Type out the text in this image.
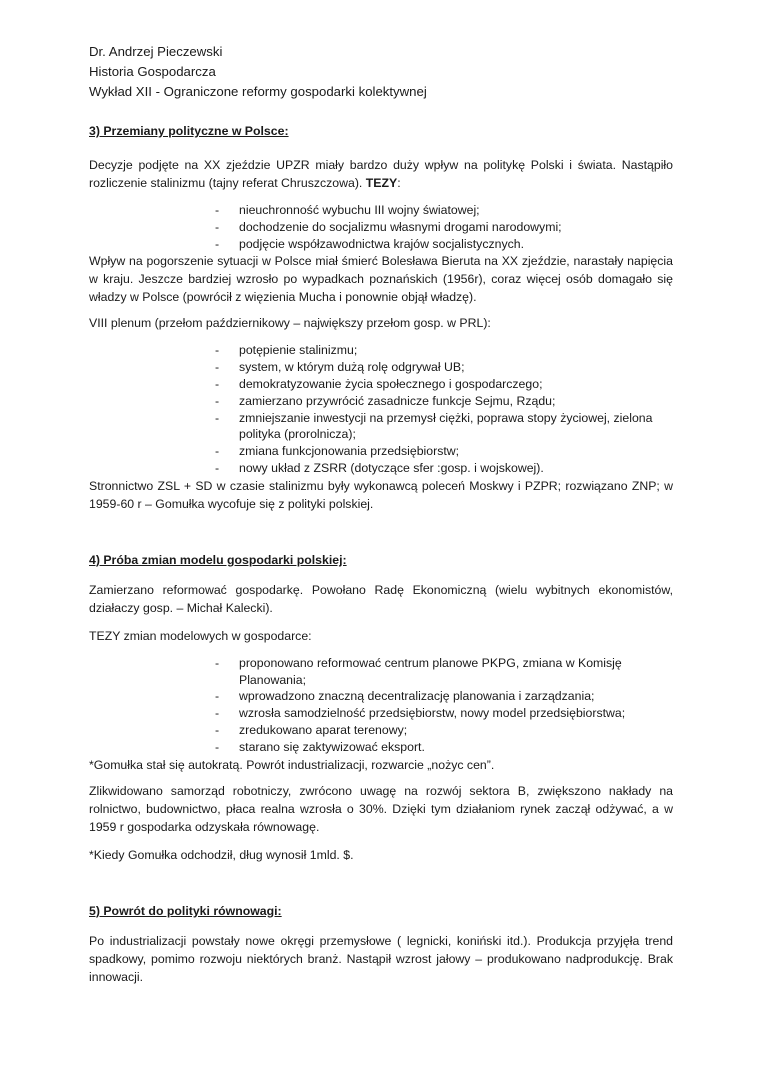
Dr. Andrzej Pieczewski

Historia Gospodarcza

Wykład XII - Ograniczone reformy gospodarki kolektywnej

3) Przemiany polityczne w Polsce:

Decyzje podjęte na XX zjeździe UPZR miały bardzo duży wpływ na politykę Polski i świata. Nastąpiło rozliczenie stalinizmu (tajny referat Chruszczowa). TEZY:

- nieuchronność wybuchu III wojny światowej;
- dochodzenie do socjalizmu własnymi drogami narodowymi;
- podjęcie współzawodnictwa krajów socjalistycznych.

Wpływ na pogorszenie sytuacji w Polsce miał śmierć Bolesława Bieruta na XX zjeździe, narastały napięcia w kraju. Jeszcze bardziej wzrosło po wypadkach poznańskich (1956r), coraz więcej osób domagało się władzy w Polsce (powrócił z więzienia Mucha i ponownie objął władzę).

VIII plenum (przełom październikowy – największy przełom gosp. w PRL):

- potępienie stalinizmu;
- system, w którym dużą rolę odgrywał UB;
- demokratyzowanie życia społecznego i gospodarczego;
- zamierzano przywrócić zasadnicze funkcje Sejmu, Rządu;
- zmniejszanie inwestycji na przemysł ciężki, poprawa stopy życiowej, zielona polityka (prorolnicza);
- zmiana funkcjonowania przedsiębiorstw;
- nowy układ z ZSRR (dotyczące sfer :gosp. i wojskowej).

Stronnictwo ZSL + SD w czasie stalinizmu były wykonawcą poleceń Moskwy i PZPR; rozwiązano ZNP; w 1959-60 r – Gomułka wycofuje się z polityki polskiej.

4) Próba zmian modelu gospodarki polskiej:

Zamierzano reformować gospodarkę. Powołano Radę Ekonomiczną (wielu wybitnych ekonomistów, działaczy gosp. – Michał Kalecki).

TEZY zmian modelowych w gospodarce:

- proponowano reformować centrum planowe PKPG, zmiana w Komisję Planowania;
- wprowadzono znaczną decentralizację planowania i zarządzania;
- wzrosła samodzielność przedsiębiorstw, nowy model przedsiębiorstwa;
- zredukowano aparat terenowy;
- starano się zaktywizować eksport.

*Gomułka stał się autokratą. Powrót industrializacji, rozwarcie „nożyc cen”.

Zlikwidowano samorząd robotniczy, zwrócono uwagę na rozwój sektora B, zwiększono nakłady na rolnictwo, budownictwo, płaca realna wzrosła o 30%. Dzięki tym działaniom rynek zaczął odżywać, a w 1959 r gospodarka odzyskała równowagę.

*Kiedy Gomułka odchodził, dług wynosił 1mld. $.

5) Powrót do polityki równowagi:

Po industrializacji powstały nowe okręgi przemysłowe ( legnicki, koniński itd.). Produkcja przyjęła trend spadkowy, pomimo rozwoju niektórych branż. Nastąpił wzrost jałowy – produkowano nadprodukcję. Brak innowacji.
